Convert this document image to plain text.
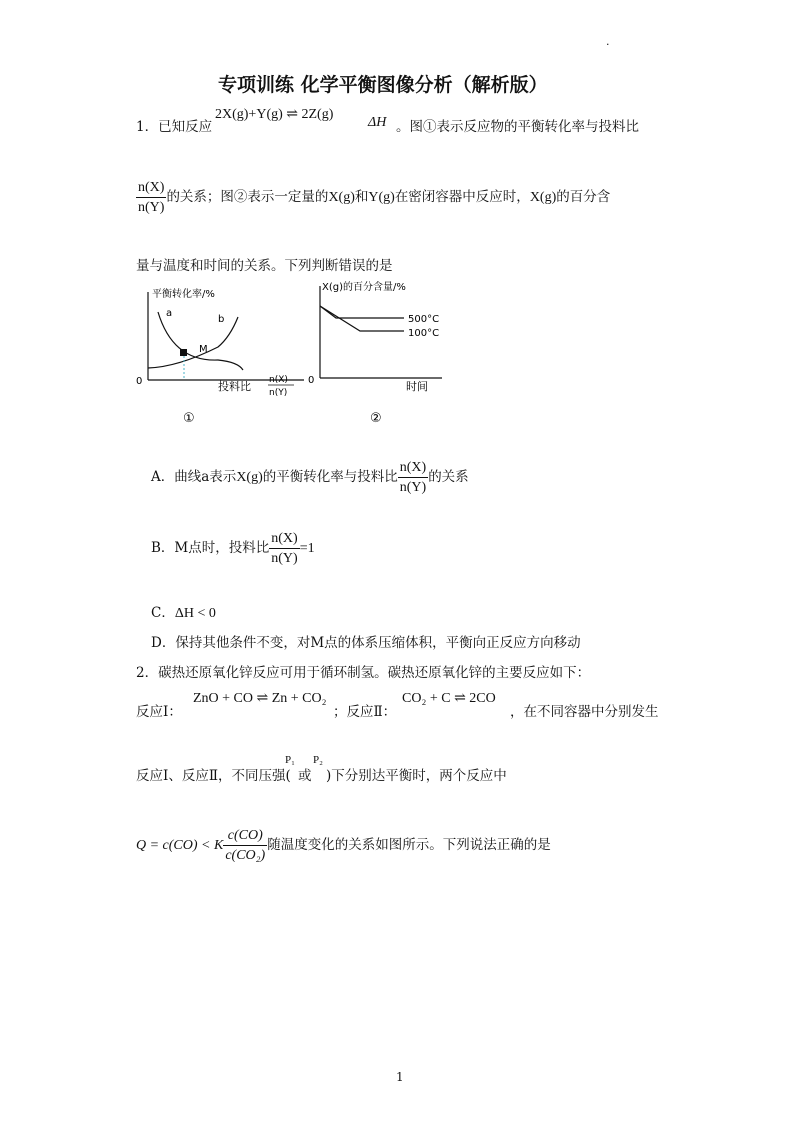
·
专项训练 化学平衡图像分析（解析版）
1．已知反应
2X(g)+Y(g) ⇌ 2Z(g)
ΔH 。图①表示反应物的平衡转化率与投料比
$\frac{n(X)}{n(Y)}$ 的关系；图②表示一定量的X(g)和Y(g)在密闭容器中反应时，X(g)的百分含
量与温度和时间的关系。下列判断错误的是
平衡转化率/%
a
b
M
0	投料比 n(X)
n(Y)
①
X(g)的百分含量/%
500°C
100°C
0	时间
②
A．曲线a表示X(g)的平衡转化率与投料比 $\frac{n(X)}{n(Y)}$ 的关系
B．M点时，投料比 $\frac{n(X)}{n(Y)} =1$
C．ΔH < 0
D．保持其他条件不变，对M点的体系压缩体积，平衡向正反应方向移动
2．碳热还原氧化锌反应可用于循环制氢。碳热还原氧化锌的主要反应如下：
反应Ⅰ：
ZnO + CO ⇌ Zn + CO₂
；反应Ⅱ：
CO₂ + C ⇌ 2CO
，在不同容器中分别发生
反应Ⅰ、反应Ⅱ，不同压强(
P₁
或
P₂
)下分别达平衡时，两个反应中
Q = c(CO) < K $\frac{c(CO)}{\text{c(CO₂)}}$ 随温度变化的关系如图所示。下列说法正确的是
1
